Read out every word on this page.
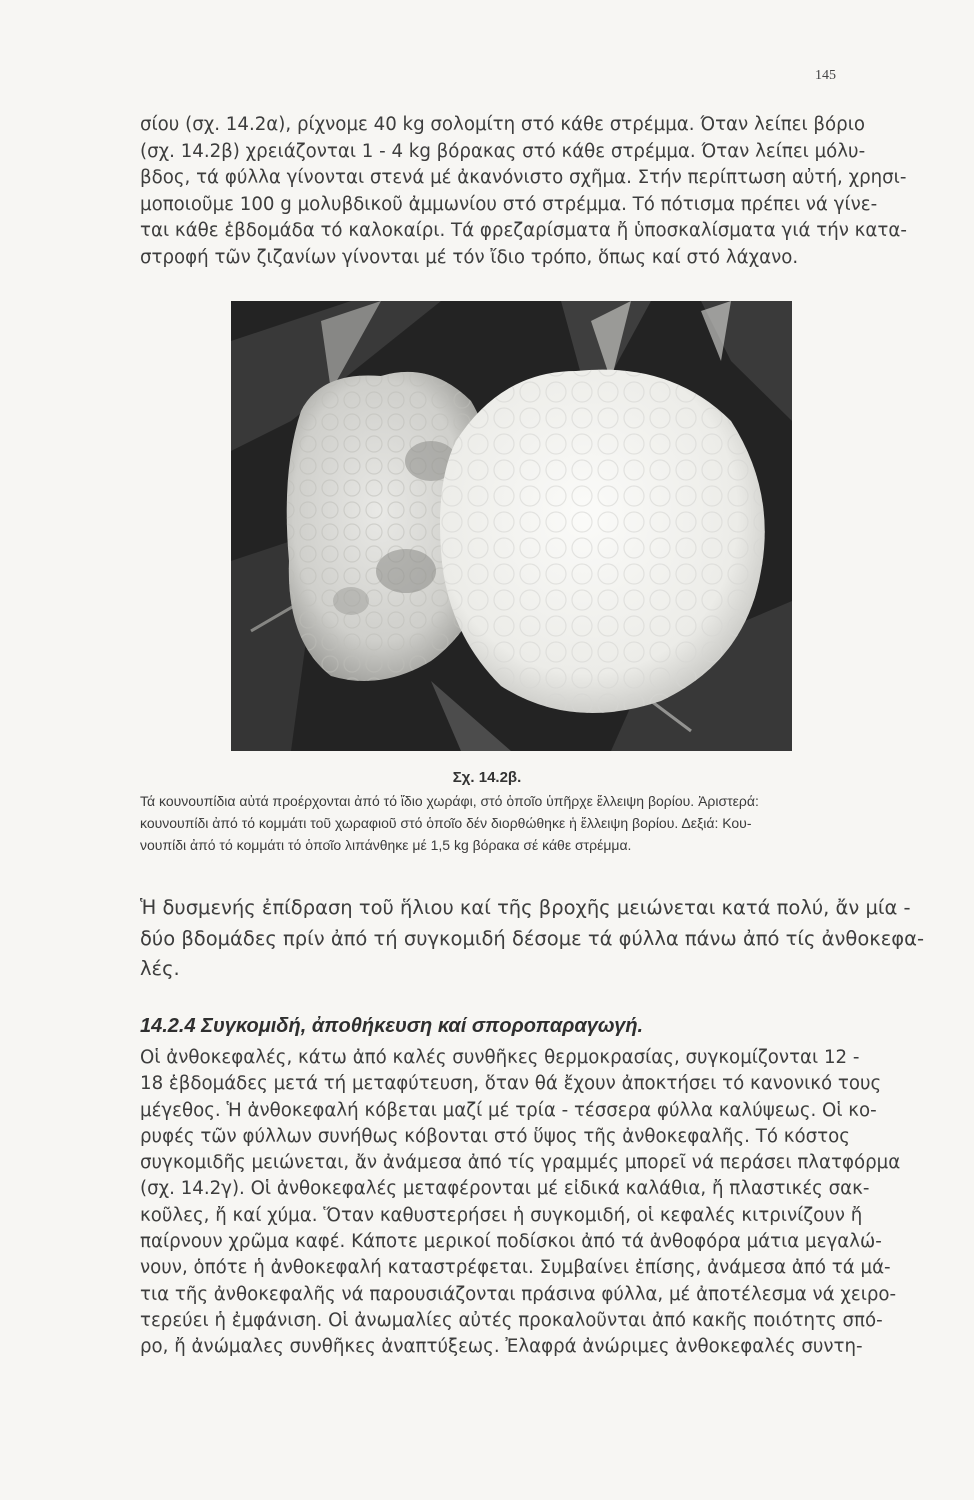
145

σίου (σχ. 14.2α), ρίχνομε 40 kg σολομίτη στό κάθε στρέμμα. Όταν λείπει βόριο
(σχ. 14.2β) χρειάζονται 1 - 4 kg βόρακας στό κάθε στρέμμα. Όταν λείπει μόλυ-
βδος, τά φύλλα γίνονται στενά μέ ἀκανόνιστο σχῆμα. Στήν περίπτωση αὐτή, χρησι-
μοποιοῦμε 100 g μολυβδικοῦ ἀμμωνίου στό στρέμμα. Τό πότισμα πρέπει νά γίνε-
ται κάθε ἑβδομάδα τό καλοκαίρι. Τά φρεζαρίσματα ἤ ὑποσκαλίσματα γιά τήν κατα-
στροφή τῶν ζιζανίων γίνονται μέ τόν ἴδιο τρόπο, ὅπως καί στό λάχανο.

Σχ. 14.2β.
Τά κουνουπίδια αὐτά προέρχονται ἀπό τό ἴδιο χωράφι, στό ὁποῖο ὑπῆρχε ἔλλειψη βορίου. Ἀριστερά:
κουνουπίδι ἀπό τό κομμάτι τοῦ χωραφιοῦ στό ὁποῖο δέν διορθώθηκε ἡ ἔλλειψη βορίου. Δεξιά: Κου-
νουπίδι ἀπό τό κομμάτι τό ὁποῖο λιπάνθηκε μέ 1,5 kg βόρακα σέ κάθε στρέμμα.

Ἡ δυσμενής ἐπίδραση τοῦ ἥλιου καί τῆς βροχῆς μειώνεται κατά πολύ, ἄν μία -
δύο βδομάδες πρίν ἀπό τή συγκομιδή δέσομε τά φύλλα πάνω ἀπό τίς ἀνθοκεφα-
λές.

14.2.4 Συγκομιδή, ἀποθήκευση καί σποροπαραγωγή.

Οἱ ἀνθοκεφαλές, κάτω ἀπό καλές συνθῆκες θερμοκρασίας, συγκομίζονται 12 -
18 ἑβδομάδες μετά τή μεταφύτευση, ὅταν θά ἔχουν ἀποκτήσει τό κανονικό τους
μέγεθος. Ἡ ἀνθοκεφαλή κόβεται μαζί μέ τρία - τέσσερα φύλλα καλύψεως. Οἱ κο-
ρυφές τῶν φύλλων συνήθως κόβονται στό ὕψος τῆς ἀνθοκεφαλῆς. Τό κόστος
συγκομιδῆς μειώνεται, ἄν ἀνάμεσα ἀπό τίς γραμμές μπορεῖ νά περάσει πλατφόρμα
(σχ. 14.2γ). Οἱ ἀνθοκεφαλές μεταφέρονται μέ εἰδικά καλάθια, ἤ πλαστικές σακ-
κοῦλες, ἤ καί χύμα. Ὅταν καθυστερήσει ἡ συγκομιδή, οἱ κεφαλές κιτρινίζουν ἤ
παίρνουν χρῶμα καφέ. Κάποτε μερικοί ποδίσκοι ἀπό τά ἀνθοφόρα μάτια μεγαλώ-
νουν, ὁπότε ἡ ἀνθοκεφαλή καταστρέφεται. Συμβαίνει ἐπίσης, ἀνάμεσα ἀπό τά μά-
τια τῆς ἀνθοκεφαλῆς νά παρουσιάζονται πράσινα φύλλα, μέ ἀποτέλεσμα νά χειρο-
τερεύει ἡ ἐμφάνιση. Οἱ ἀνωμαλίες αὐτές προκαλοῦνται ἀπό κακῆς ποιότητς σπό-
ρο, ἤ ἀνώμαλες συνθῆκες ἀναπτύξεως. Ἐλαφρά ἀνώριμες ἀνθοκεφαλές συντη-
